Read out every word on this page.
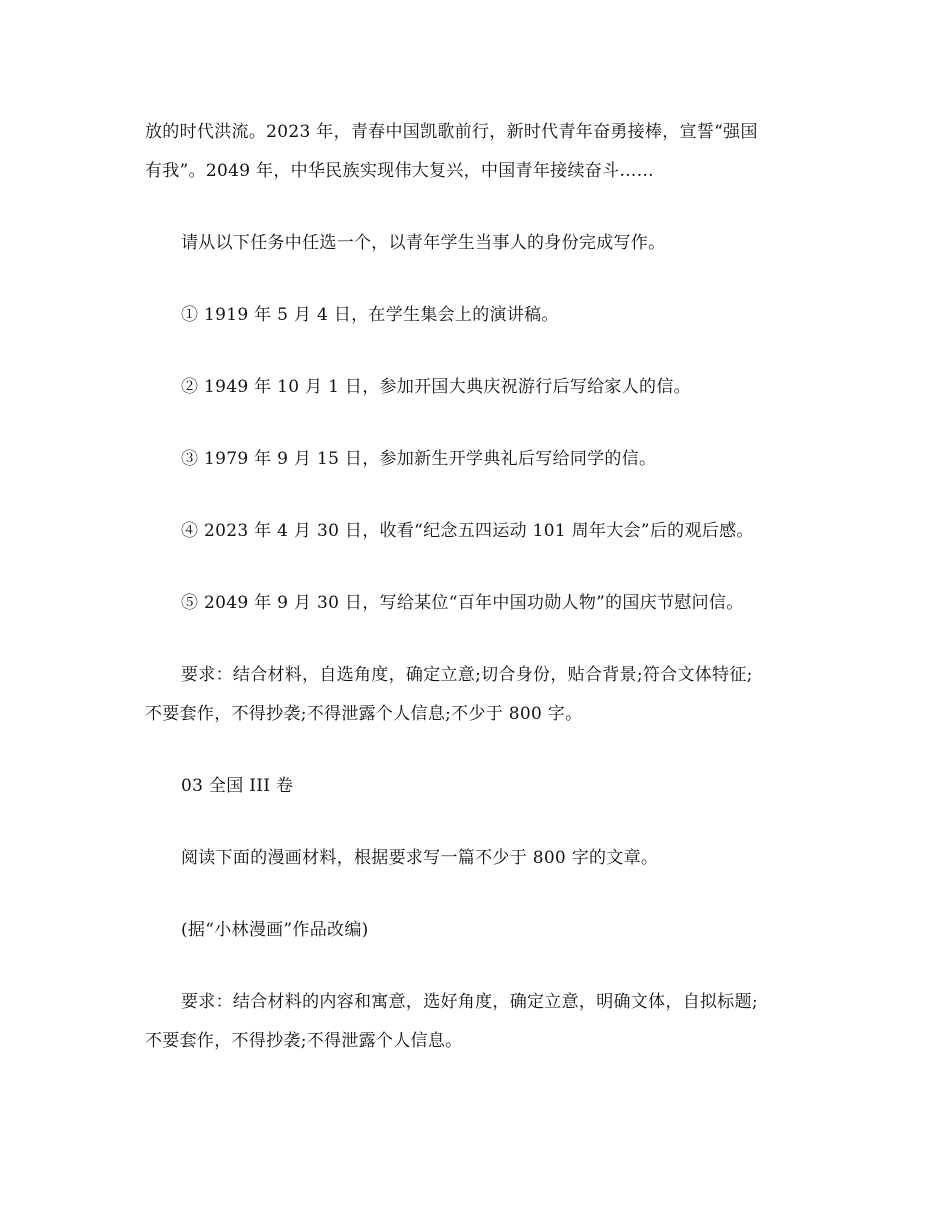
放的时代洪流。2023 年，青春中国凯歌前行，新时代青年奋勇接棒，宣誓“强国
有我”。2049 年，中华民族实现伟大复兴，中国青年接续奋斗……
请从以下任务中任选一个，以青年学生当事人的身份完成写作。
① 1919 年 5 月 4 日，在学生集会上的演讲稿。
② 1949 年 10 月 1 日，参加开国大典庆祝游行后写给家人的信。
③ 1979 年 9 月 15 日，参加新生开学典礼后写给同学的信。
④ 2023 年 4 月 30 日，收看“纪念五四运动 101 周年大会”后的观后感。
⑤ 2049 年 9 月 30 日，写给某位“百年中国功勋人物”的国庆节慰问信。
要求：结合材料，自选角度，确定立意;切合身份，贴合背景;符合文体特征;
不要套作，不得抄袭;不得泄露个人信息;不少于 800 字。
03 全国 III 卷
阅读下面的漫画材料，根据要求写一篇不少于 800 字的文章。
(据“小林漫画”作品改编)
要求：结合材料的内容和寓意，选好角度，确定立意，明确文体，自拟标题;
不要套作，不得抄袭;不得泄露个人信息。
